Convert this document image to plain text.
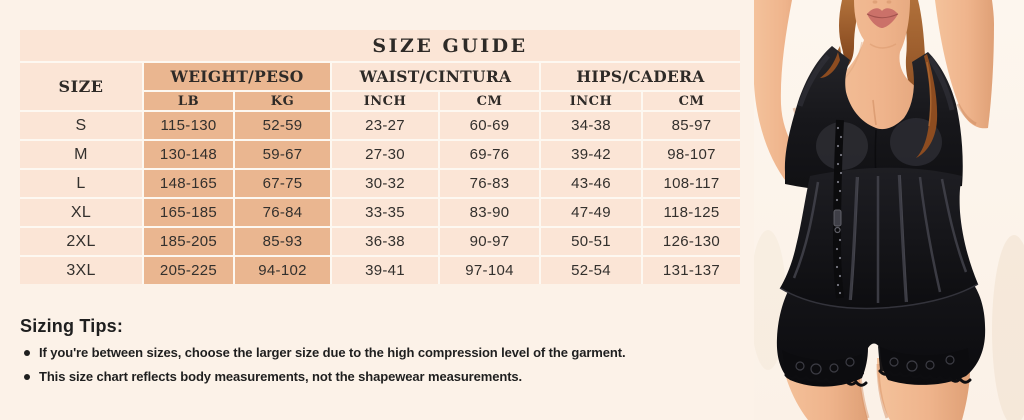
SIZE GUIDE
SIZE
WEIGHT/PESO	WAIST/CINTURA	HIPS/CADERA
LB	KG	INCH	CM	INCH	CM
S	115-130	52-59	23-27	60-69	34-38	85-97
M	130-148	59-67	27-30	69-76	39-42	98-107
L	148-165	67-75	30-32	76-83	43-46	108-117
XL	165-185	76-84	33-35	83-90	47-49	118-125
2XL	185-205	85-93	36-38	90-97	50-51	126-130
3XL	205-225	94-102	39-41	97-104	52-54	131-137
Sizing Tips:
If you're between sizes, choose the larger size due to the high compression level of the garment.
This size chart reflects body measurements, not the shapewear measurements.
